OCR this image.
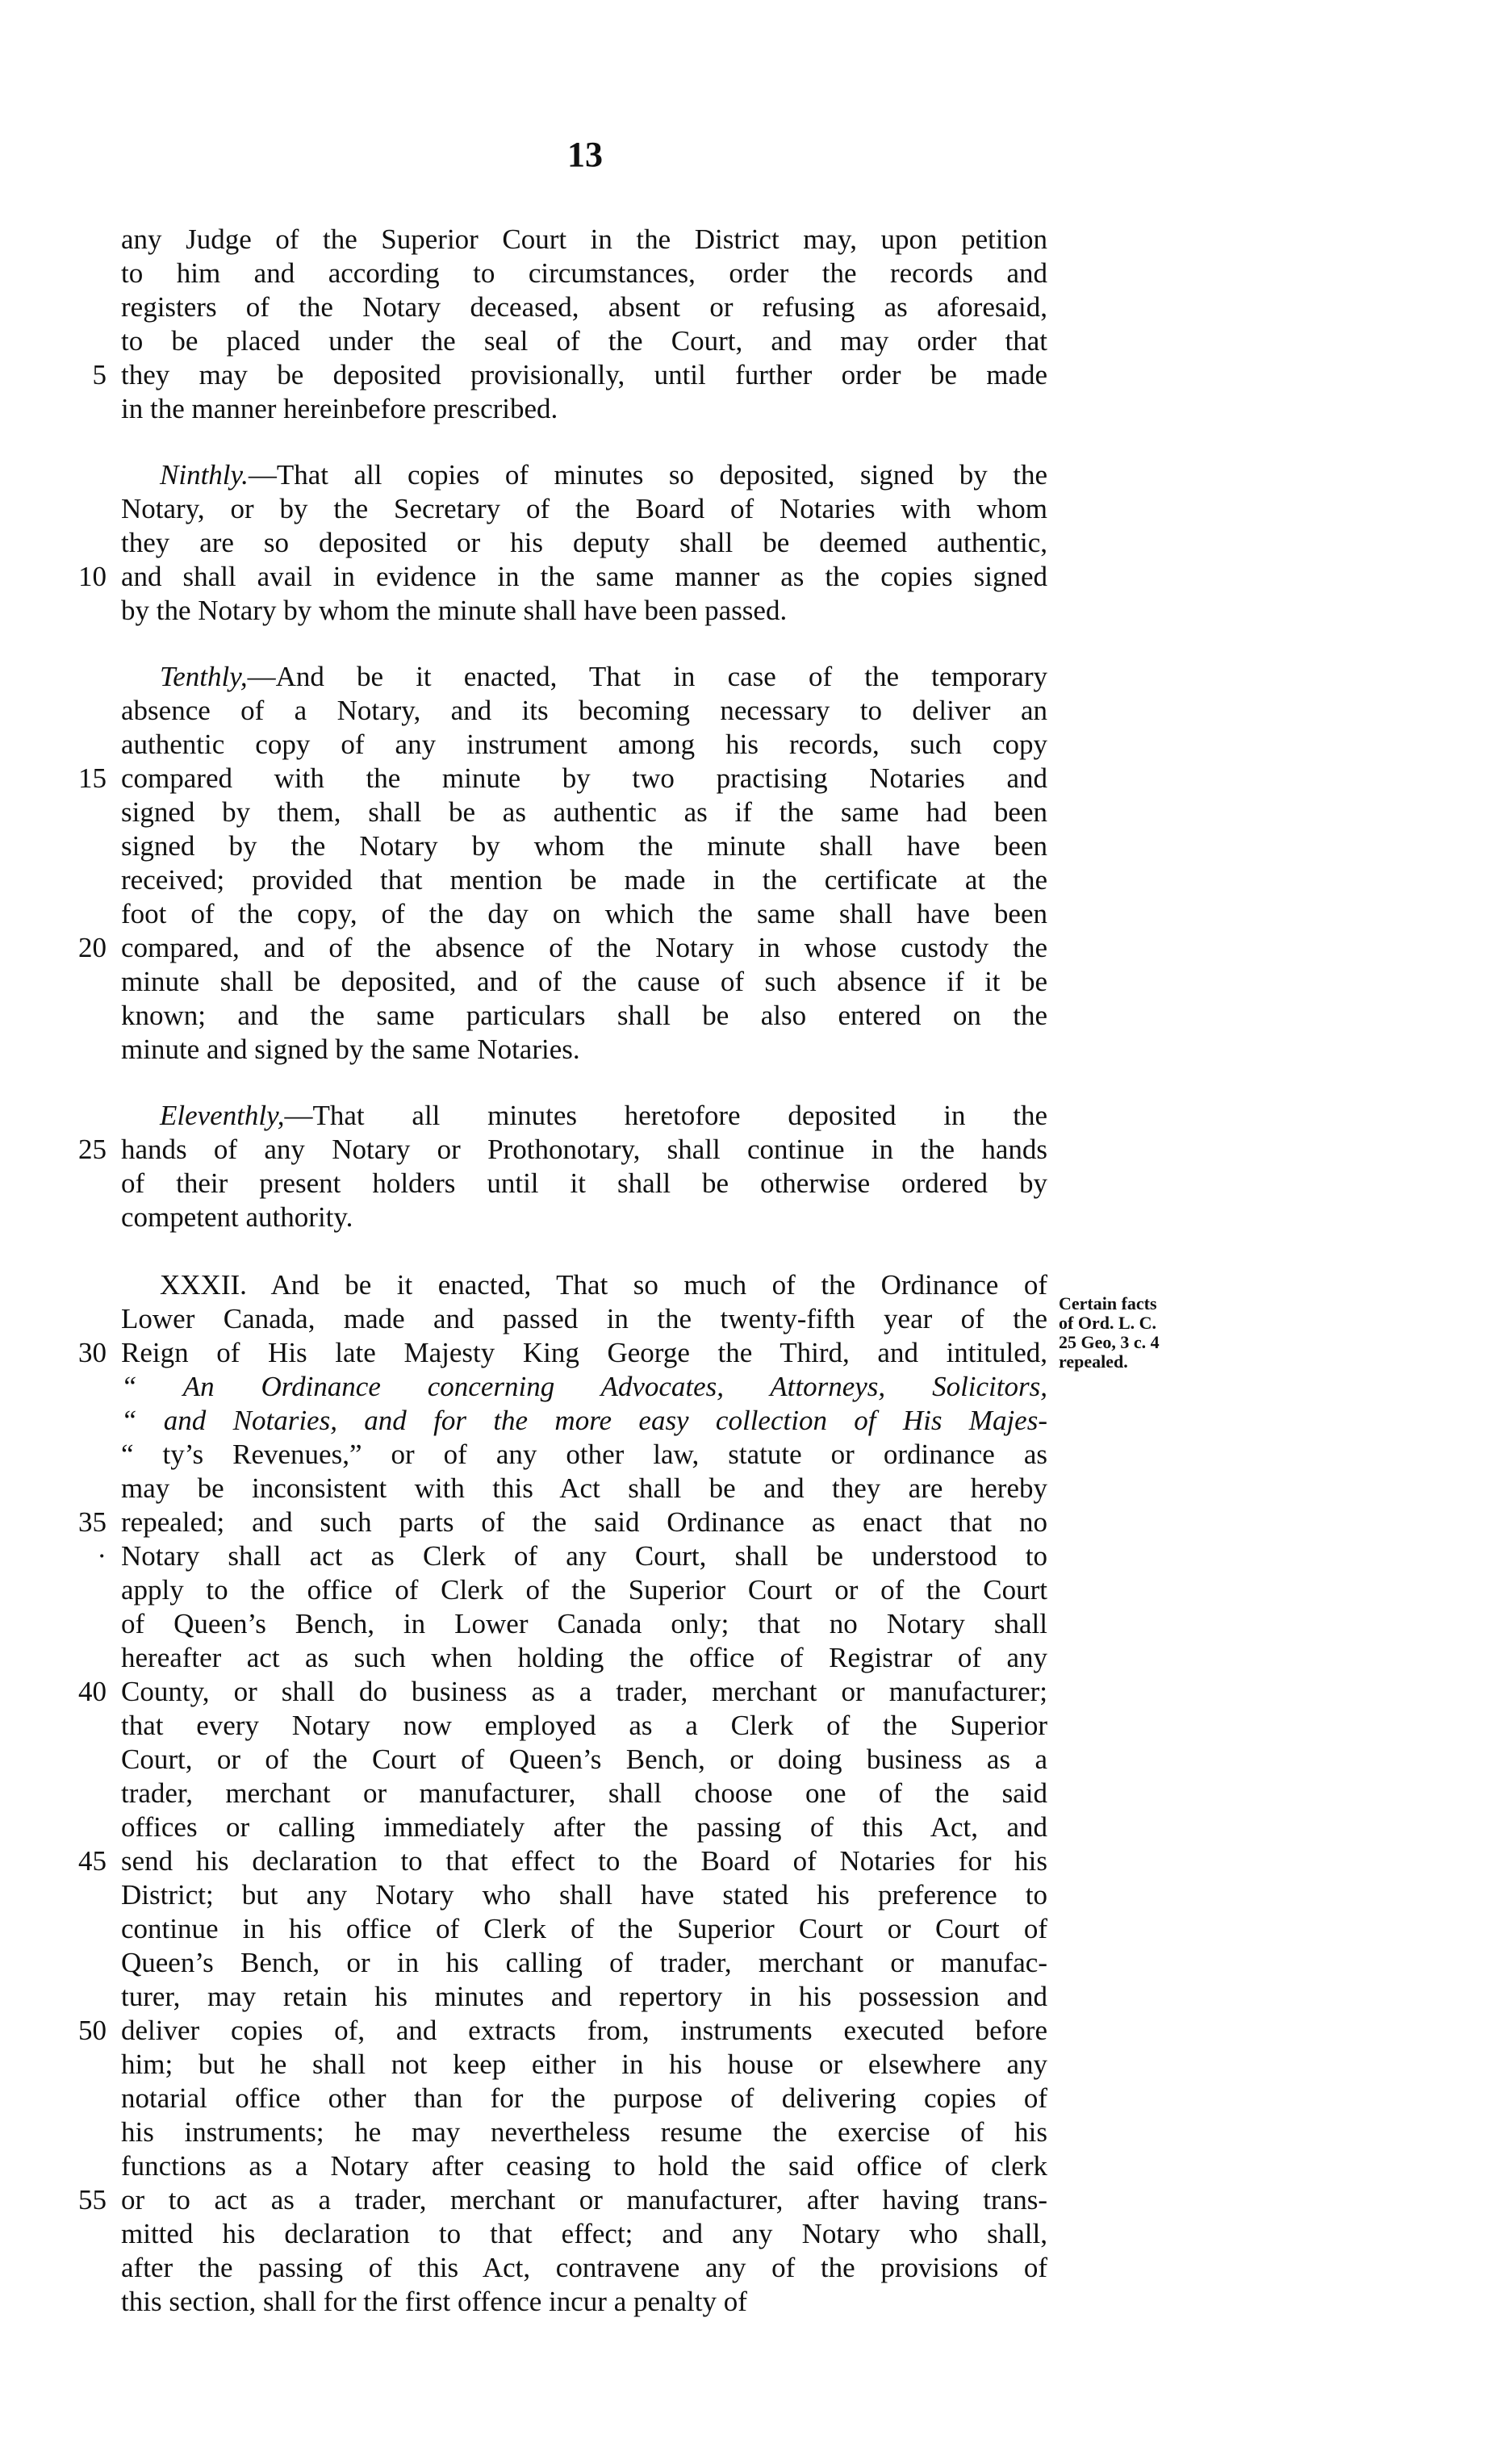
13
any Judge of the Superior Court in the District may, upon petition
to him and according to circumstances, order the records and
registers of the Notary deceased, absent or refusing as aforesaid,
to be placed under the seal of the Court, and may order that
they may be deposited provisionally, until further order be made
5
in the manner hereinbefore prescribed.
Ninthly.—That all copies of minutes so deposited, signed by the
Notary, or by the Secretary of the Board of Notaries with whom
they are so deposited or his deputy shall be deemed authentic,
and shall avail in evidence in the same manner as the copies signed
10
by the Notary by whom the minute shall have been passed.
Tenthly,—And be it enacted, That in case of the temporary
absence of a Notary, and its becoming necessary to deliver an
authentic copy of any instrument among his records, such copy
compared with the minute by two practising Notaries and
15
signed by them, shall be as authentic as if the same had been
signed by the Notary by whom the minute shall have been
received; provided that mention be made in the certificate at the
foot of the copy, of the day on which the same shall have been
compared, and of the absence of the Notary in whose custody the
20
minute shall be deposited, and of the cause of such absence if it be
known; and the same particulars shall be also entered on the
minute and signed by the same Notaries.
Eleventhly,—That all minutes heretofore deposited in the
hands of any Notary or Prothonotary, shall continue in the hands
25
of their present holders until it shall be otherwise ordered by
competent authority.
XXXII. And be it enacted, That so much of the Ordinance of
Lower Canada, made and passed in the twenty-fifth year of the
Reign of His late Majesty King George the Third, and intituled,
30
“ An Ordinance concerning Advocates, Attorneys, Solicitors,
“ and Notaries, and for the more easy collection of His Majes-
“ ty’s Revenues,” or of any other law, statute or ordinance as
may be inconsistent with this Act shall be and they are hereby
repealed; and such parts of the said Ordinance as enact that no
35
Notary shall act as Clerk of any Court, shall be understood to
·
apply to the office of Clerk of the Superior Court or of the Court
of Queen’s Bench, in Lower Canada only; that no Notary shall
hereafter act as such when holding the office of Registrar of any
County, or shall do business as a trader, merchant or manufacturer;
40
that every Notary now employed as a Clerk of the Superior
Court, or of the Court of Queen’s Bench, or doing business as a
trader, merchant or manufacturer, shall choose one of the said
offices or calling immediately after the passing of this Act, and
send his declaration to that effect to the Board of Notaries for his
45
District; but any Notary who shall have stated his preference to
continue in his office of Clerk of the Superior Court or Court of
Queen’s Bench, or in his calling of trader, merchant or manufac-
turer, may retain his minutes and repertory in his possession and
deliver copies of, and extracts from, instruments executed before
50
him; but he shall not keep either in his house or elsewhere any
notarial office other than for the purpose of delivering copies of
his instruments; he may nevertheless resume the exercise of his
functions as a Notary after ceasing to hold the said office of clerk
or to act as a trader, merchant or manufacturer, after having trans-
55
mitted his declaration to that effect; and any Notary who shall,
after the passing of this Act, contravene any of the provisions of
this section, shall for the first offence incur a penalty of
Certain facts
of Ord. L. C.
25 Geo, 3 c. 4
repealed.
